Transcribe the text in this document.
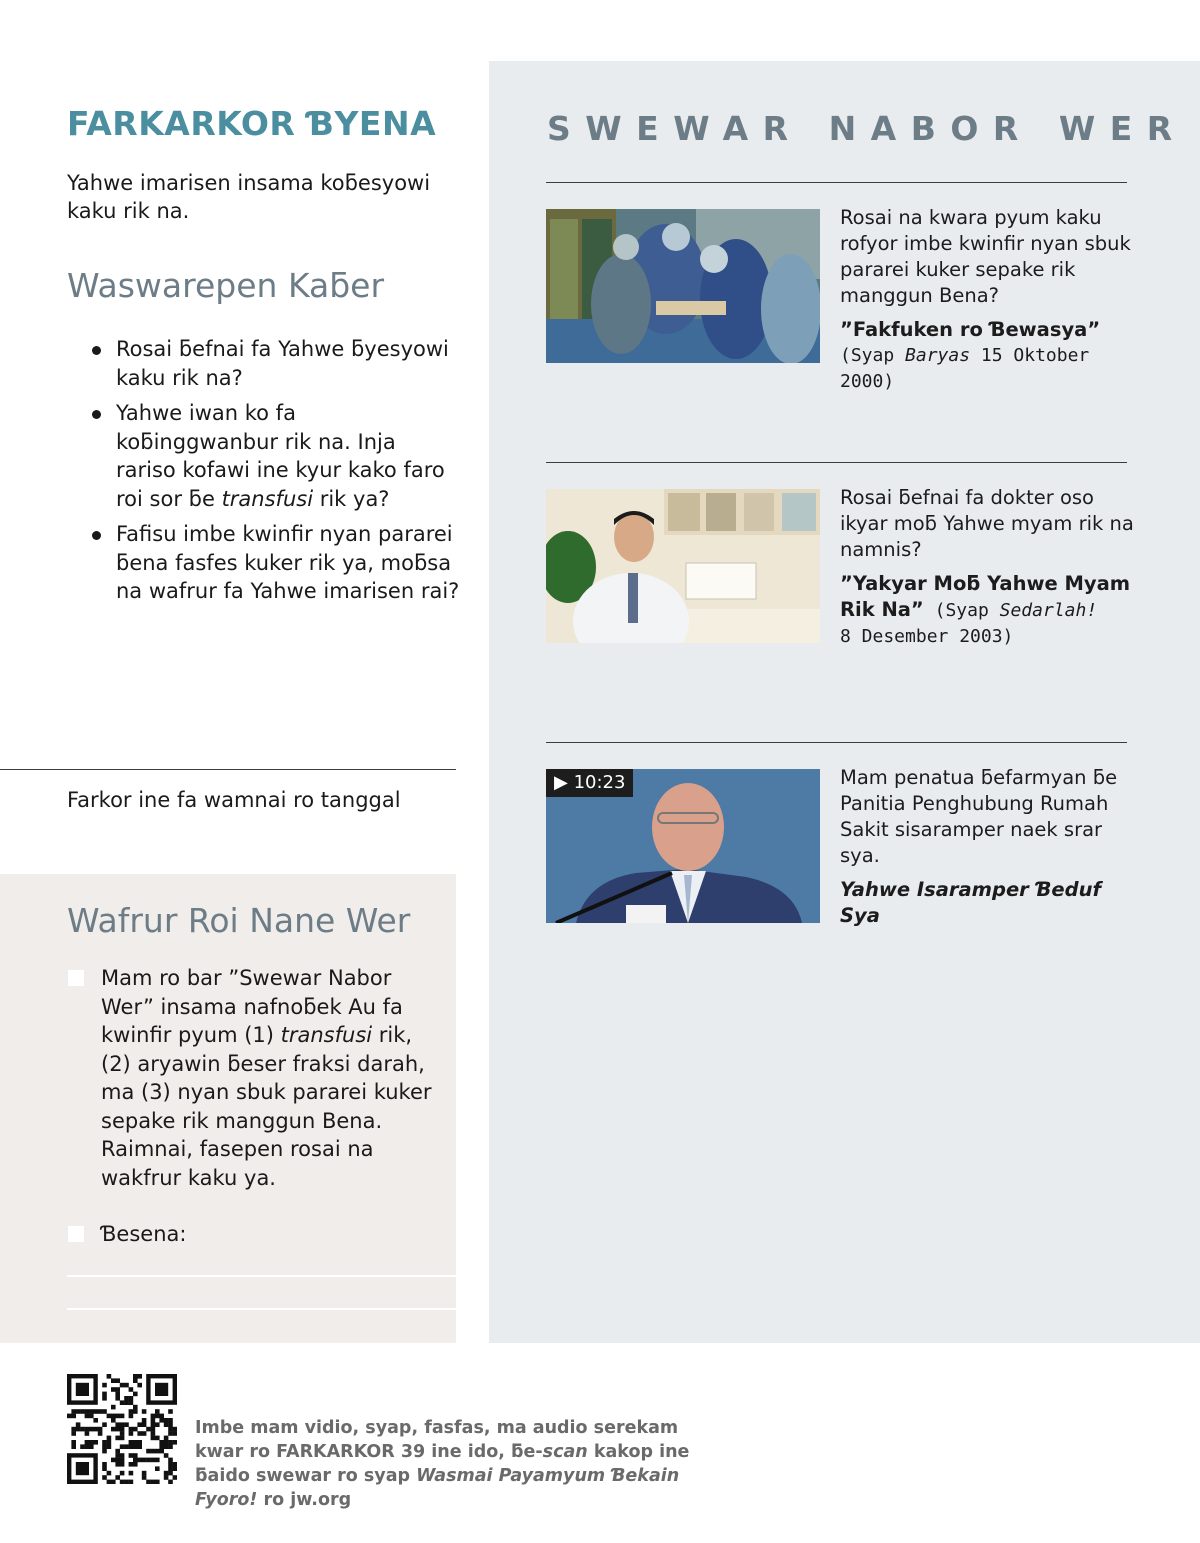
SWEWAR NABOR WER
Rosai na kwara pyum kaku rofyor imbe kwinfir nyan sbuk pararei kuker sepake rik manggun Bena?
”Fakfuken ro Ɓewasya”
(Syap Baryas 15 Oktober 2000)
Rosai ƃefnai fa dokter oso ikyar moƃ Yahwe myam rik na namnis?
”Yakyar Moƃ Yahwe Myam Rik Na” (Syap Sedarlah!
8 Desember 2003)
▶ 10:23	Mam penatua ƃefarmyan ƃe Panitia Penghubung Rumah Sakit sisaramper naek srar sya.
Yahwe Isaramper Ɓeduf Sya
FARKARKOR ƁYENA
Yahwe imarisen insama koƃesyowi kaku rik na.
Waswarepen Kaƃer
Rosai ƃefnai fa Yahwe ƃyesyowi kaku rik na?
Yahwe iwan ko fa koƃinggwanbur rik na. Inja rariso kofawi ine kyur kako faro roi sor ƃe transfusi rik ya?
Fafisu imbe kwinfir nyan pararei ƃena fasfes kuker rik ya, moƃsa na wafrur fa Yahwe imarisen rai?
Farkor ine fa wamnai ro tanggal
Wafrur Roi Nane Wer
Mam ro bar ”Swewar Nabor Wer” insama nafnoƃek Au fa kwinfir pyum (1) transfusi rik, (2) aryawin ƃeser fraksi darah, ma (3) nyan sbuk pararei kuker sepake rik manggun Bena. Raimnai, fasepen rosai na wakfrur kaku ya.
Ɓesena:
Imbe mam vidio, syap, fasfas, ma audio serekam kwar ro FARKARKOR 39 ine ido, ƃe-scan kakop ine ƃaido swewar ro syap Wasmai Payamyum Ɓekain Fyoro! ro jw.org
